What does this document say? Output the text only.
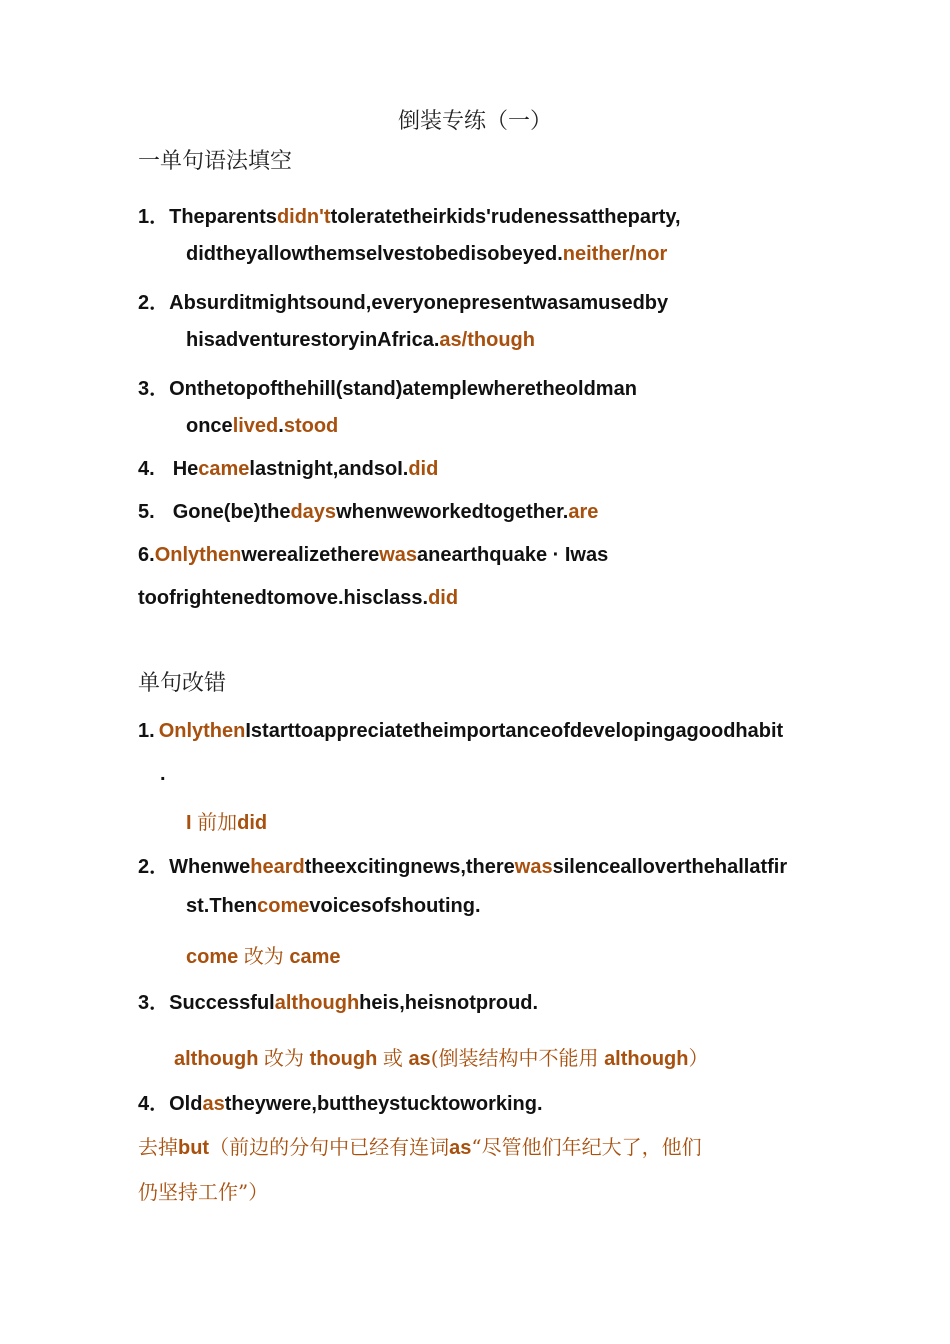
倒装专练（一）
一单句语法填空
1．Theparentsdidn'ttoleratetheirkids'rudenessattheparty,
didtheyallowthemselvestobedisobeyed.neither/nor
2．Absurditmightsound,everyonepresentwasamusedby
hisadventurestoryinAfrica.as/though
3．Onthetopofthehill(stand)atemplewheretheoldman
oncelived.stood
4. Hecamelastnight,andsoI.did
5. Gone(be)thedayswhenweworkedtogether.are
6.Onlythenwerealizetherewasanearthquake · Iwas
toofrightenedtomove.hisclass.did
单句改错
1. OnlythenIstarttoappreciatetheimportanceofdevelopingagoodhabit
.
I 前加did
2．Whenweheardtheexcitingnews,therewassilencealloverthehallatfir
st.Thencomevoicesofshouting.
come 改为 came
3．Successfulalthoughheis,heisnotproud.
although 改为 though 或 as(倒装结构中不能用 although）
4．Oldastheywere,buttheystucktoworking.
去掉but（前边的分句中已经有连词as“尽管他们年纪大了，他们
仍坚持工作”）
